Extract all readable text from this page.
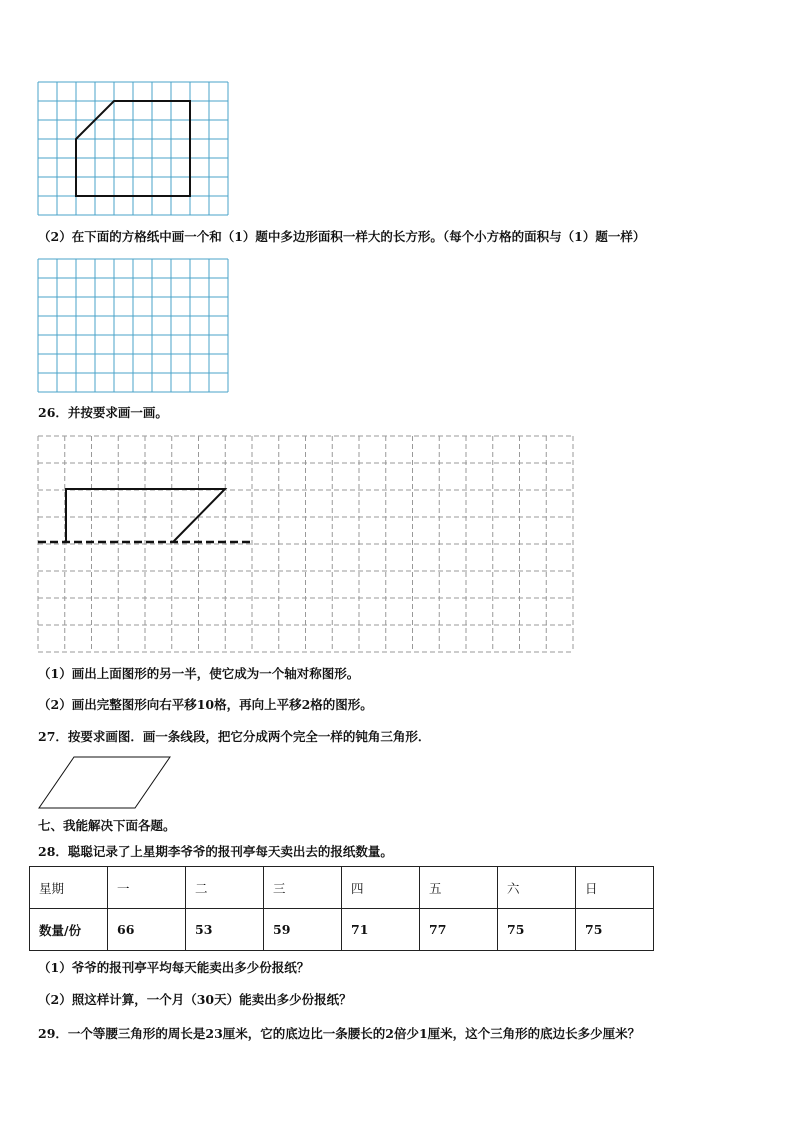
（2）在下面的方格纸中画一个和（1）题中多边形面积一样大的长方形。（每个小方格的面积与（1）题一样）
26．并按要求画一画。
（1）画出上面图形的另一半，使它成为一个轴对称图形。
（2）画出完整图形向右平移10格，再向上平移2格的图形。
27．按要求画图．画一条线段，把它分成两个完全一样的钝角三角形．
七、我能解决下面各题。
28．聪聪记录了上星期李爷爷的报刊亭每天卖出去的报纸数量。
星期	一	二	三	四	五	六	日
数量/份	66	53	59	71	77	75	75
（1）爷爷的报刊亭平均每天能卖出多少份报纸？
（2）照这样计算，一个月（30天）能卖出多少份报纸？
29．一个等腰三角形的周长是23厘米，它的底边比一条腰长的2倍少1厘米，这个三角形的底边长多少厘米？
